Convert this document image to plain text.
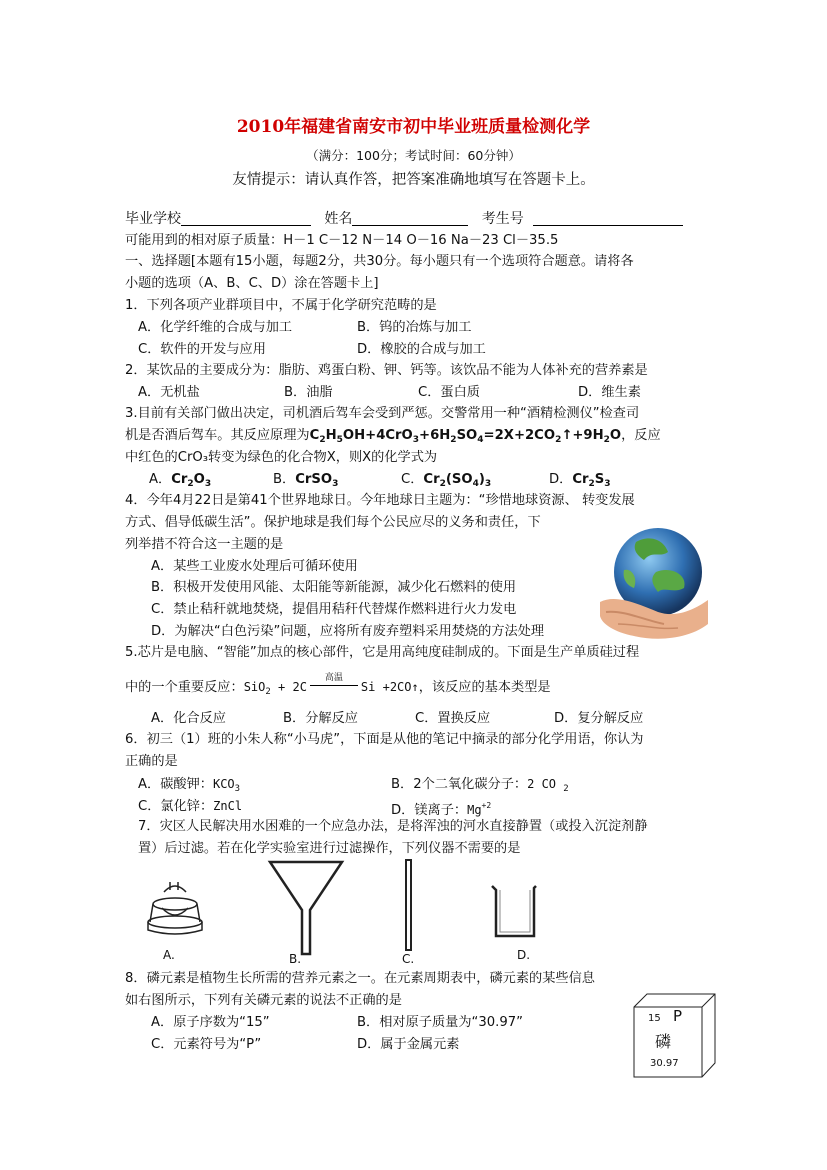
2010年福建省南安市初中毕业班质量检测化学
（满分：100分；考试时间：60分钟）
友情提示：请认真作答，把答案准确地填写在答题卡上。
毕业学校	姓名	考生号
可能用到的相对原子质量：H－1 C－12 N－14 O－16 Na－23 Cl－35.5
一、选择题[本题有15小题，每题2分，共30分。每小题只有一个选项符合题意。请将各
小题的选项（A、B、C、D）涂在答题卡上]
1．下列各项产业群项目中，不属于化学研究范畴的是
A．化学纤维的合成与加工	B．钨的冶炼与加工
C．软件的开发与应用	D．橡胶的合成与加工
2．某饮品的主要成分为：脂肪、鸡蛋白粉、钾、钙等。该饮品不能为人体补充的营养素是
A．无机盐	B．油脂	C．蛋白质	D．维生素
3.目前有关部门做出决定，司机酒后驾车会受到严惩。交警常用一种“酒精检测仪”检查司
机是否酒后驾车。其反应原理为$C_2H_5OH+4CrO_3+6H_2SO_4=2X+2CO_2↑+9H_2O$，反应
中红色的CrO₃转变为绿色的化合物X，则X的化学式为
A．$Cr_2O_3$	B．CrSO$_3$	C．$Cr_2(SO_4)_3$	D．$Cr_2S_3$
4．今年4月22日是第41个世界地球日。今年地球日主题为：“珍惜地球资源、 转变发展
方式、倡导低碳生活”。保护地球是我们每个公民应尽的义务和责任，下
列举措不符合这一主题的是
A．某些工业废水处理后可循环使用
B．积极开发使用风能、太阳能等新能源，减少化石燃料的使用
C．禁止秸秆就地焚烧，提倡用秸秆代替煤作燃料进行火力发电
D．为解决“白色污染”问题，应将所有废弃塑料采用焚烧的方法处理
5.芯片是电脑、“智能”加点的核心部件，它是用高纯度硅制成的。下面是生产单质硅过程
中的一个重要反应：SiO$_2$ + 2C
高温
Si +2CO↑，该反应的基本类型是
A．化合反应	B．分解反应	C．置换反应	D．复分解反应
6．初三（1）班的小朱人称“小马虎”，下面是从他的笔记中摘录的部分化学用语，你认为
正确的是
A．碳酸钾：$KCO_3$	B．2个二氧化碳分子：2 CO $_2$
C．氯化锌：ZnCl	D．镁离子：$Mg^{+2}$
7．灾区人民解决用水困难的一个应急办法，是将浑浊的河水直接静置（或投入沉淀剂静
置）后过滤。若在化学实验室进行过滤操作，下列仪器不需要的是
A.	B.	C.	D.
8．磷元素是植物生长所需的营养元素之一。在元素周期表中，磷元素的某些信息
如右图所示，下列有关磷元素的说法不正确的是
A．原子序数为“15”	B．相对原子质量为“30.97”
C．元素符号为“P”	D．属于金属元素
15 P
磷
30.97
